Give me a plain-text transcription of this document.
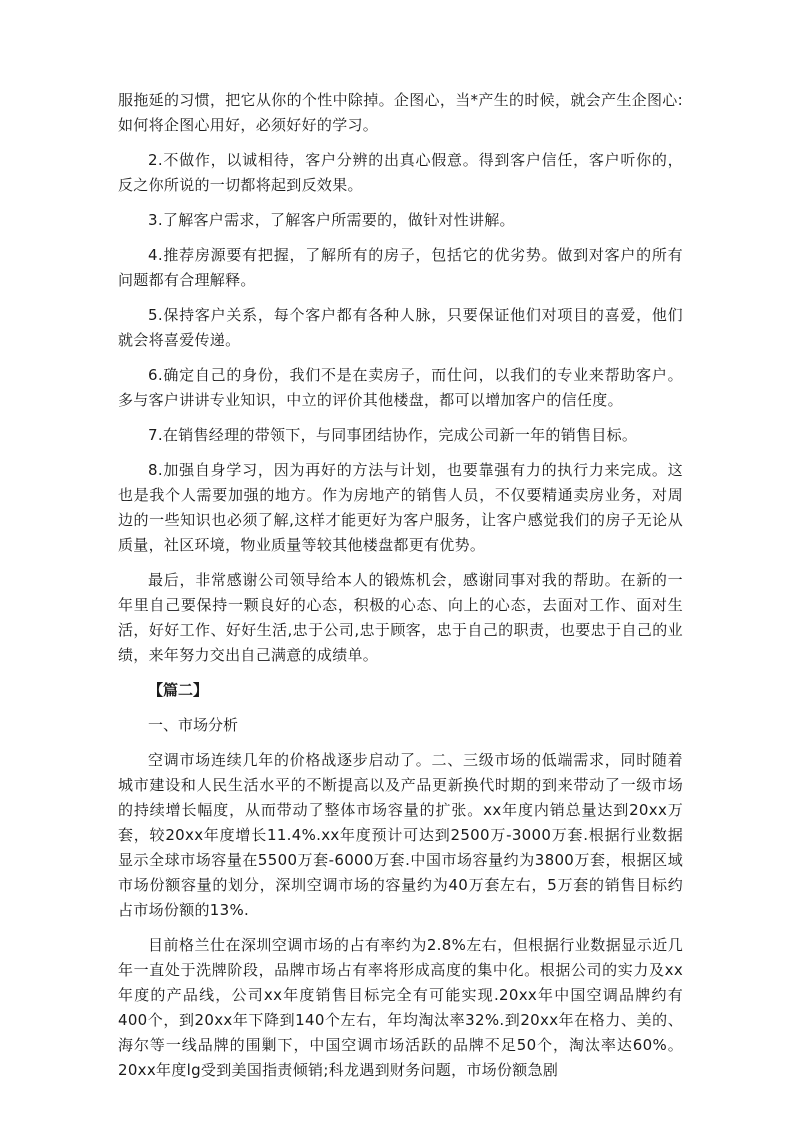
服拖延的习惯，把它从你的个性中除掉。企图心，当*产生的时候，就会产生企图心:如何将企图心用好，必须好好的学习。

2.不做作，以诚相待，客户分辨的出真心假意。得到客户信任，客户听你的，反之你所说的一切都将起到反效果。

3.了解客户需求，了解客户所需要的，做针对性讲解。

4.推荐房源要有把握，了解所有的房子，包括它的优劣势。做到对客户的所有问题都有合理解释。

5.保持客户关系，每个客户都有各种人脉，只要保证他们对项目的喜爱，他们就会将喜爱传递。

6.确定自己的身份，我们不是在卖房子，而仕问，以我们的专业来帮助客户。多与客户讲讲专业知识，中立的评价其他楼盘，都可以增加客户的信任度。

7.在销售经理的带领下，与同事团结协作，完成公司新一年的销售目标。

8.加强自身学习，因为再好的方法与计划，也要靠强有力的执行力来完成。这也是我个人需要加强的地方。作为房地产的销售人员，不仅要精通卖房业务，对周边的一些知识也必须了解,这样才能更好为客户服务，让客户感觉我们的房子无论从质量，社区环境，物业质量等较其他楼盘都更有优势。

最后，非常感谢公司领导给本人的锻炼机会，感谢同事对我的帮助。在新的一年里自己要保持一颗良好的心态，积极的心态、向上的心态，去面对工作、面对生活，好好工作、好好生活,忠于公司,忠于顾客，忠于自己的职责，也要忠于自己的业绩，来年努力交出自己满意的成绩单。

【篇二】

一、市场分析

空调市场连续几年的价格战逐步启动了。二、三级市场的低端需求，同时随着城市建设和人民生活水平的不断提高以及产品更新换代时期的到来带动了一级市场的持续增长幅度，从而带动了整体市场容量的扩张。xx年度内销总量达到20xx万套，较20xx年度增长11.4%.xx年度预计可达到2500万-3000万套.根据行业数据显示全球市场容量在5500万套-6000万套.中国市场容量约为3800万套，根据区域市场份额容量的划分，深圳空调市场的容量约为40万套左右，5万套的销售目标约占市场份额的13%.

目前格兰仕在深圳空调市场的占有率约为2.8%左右，但根据行业数据显示近几年一直处于洗牌阶段，品牌市场占有率将形成高度的集中化。根据公司的实力及xx年度的产品线，公司xx年度销售目标完全有可能实现.20xx年中国空调品牌约有400个，到20xx年下降到140个左右，年均淘汰率32%.到20xx年在格力、美的、海尔等一线品牌的围剿下，中国空调市场活跃的品牌不足50个，淘汰率达60%。20xx年度lg受到美国指责倾销;科龙遇到财务问题，市场份额急剧
